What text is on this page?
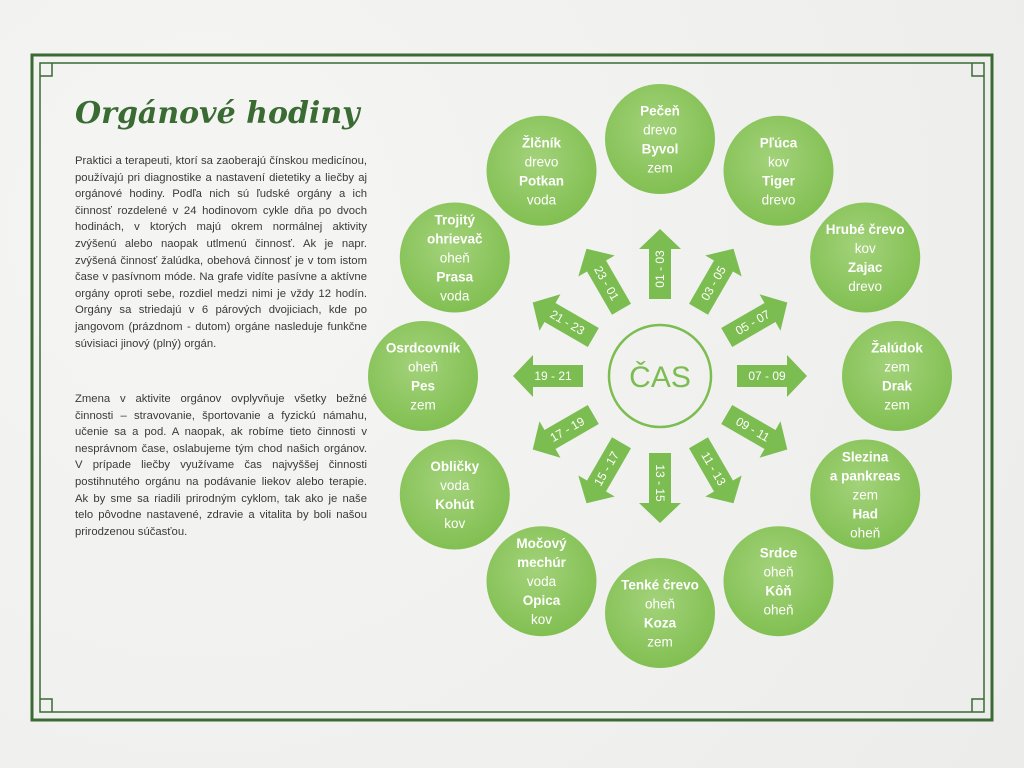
Orgánové hodiny

Praktici a terapeuti, ktorí sa zaoberajú čínskou medicínou, používajú pri diagnostike a nastavení dietetiky a liečby aj orgánové hodiny. Podľa nich sú ľudské orgány a ich činnosť rozdelené v 24 hodinovom cykle dňa po dvoch hodinách, v ktorých majú okrem normálnej aktivity zvýšenú alebo naopak utlmenú činnosť. Ak je napr. zvýšená činnosť žalúdka, obehová činnosť je v tom istom čase v pasívnom móde. Na grafe vidíte pasívne a aktívne orgány oproti sebe, rozdiel medzi nimi je vždy 12 hodín. Orgány sa striedajú v 6 párových dvojiciach, kde po jangovom (prázdnom - dutom) orgáne nasleduje funkčne súvisiaci jinový (plný) orgán.

Zmena v aktivite orgánov ovplyvňuje všetky bežné činnosti – stravovanie, športovanie a fyzickú námahu, učenie sa a pod. A naopak, ak robíme tieto činnosti v nesprávnom čase, oslabujeme tým chod našich orgánov. V prípade liečby využívame čas najvyššej činnosti postihnutého orgánu na podávanie liekov alebo terapie. Ak by sme sa riadili prirodným cyklom, tak ako je naše telo pôvodne nastavené, zdravie a vitalita by boli našou prirodzenou súčasťou.

01 - 03	03 - 05
05 - 07
07 - 09
09 - 11
11 - 13
13 - 15
15 - 17
17 - 19
19 - 21
21 - 23
23 - 01
Pečeň
drevo
Byvol
zem
Pľúca
kov
Tiger
drevo
Hrubé črevo
kov
Zajac
drevo
Žalúdok
zem
Drak
zem
Slezina
a pankreas
zem
Had
oheň
Srdce
oheň
Kôň
oheň
Tenké črevo
oheň
Koza
zem
Močový
mechúr
voda
Opica
kov
Obličky
voda
Kohút
kov
Osrdcovník
oheň
Pes
zem
Trojitý
ohrievač
oheň
Prasa
voda
Žlčník
drevo
Potkan
voda
ČAS
